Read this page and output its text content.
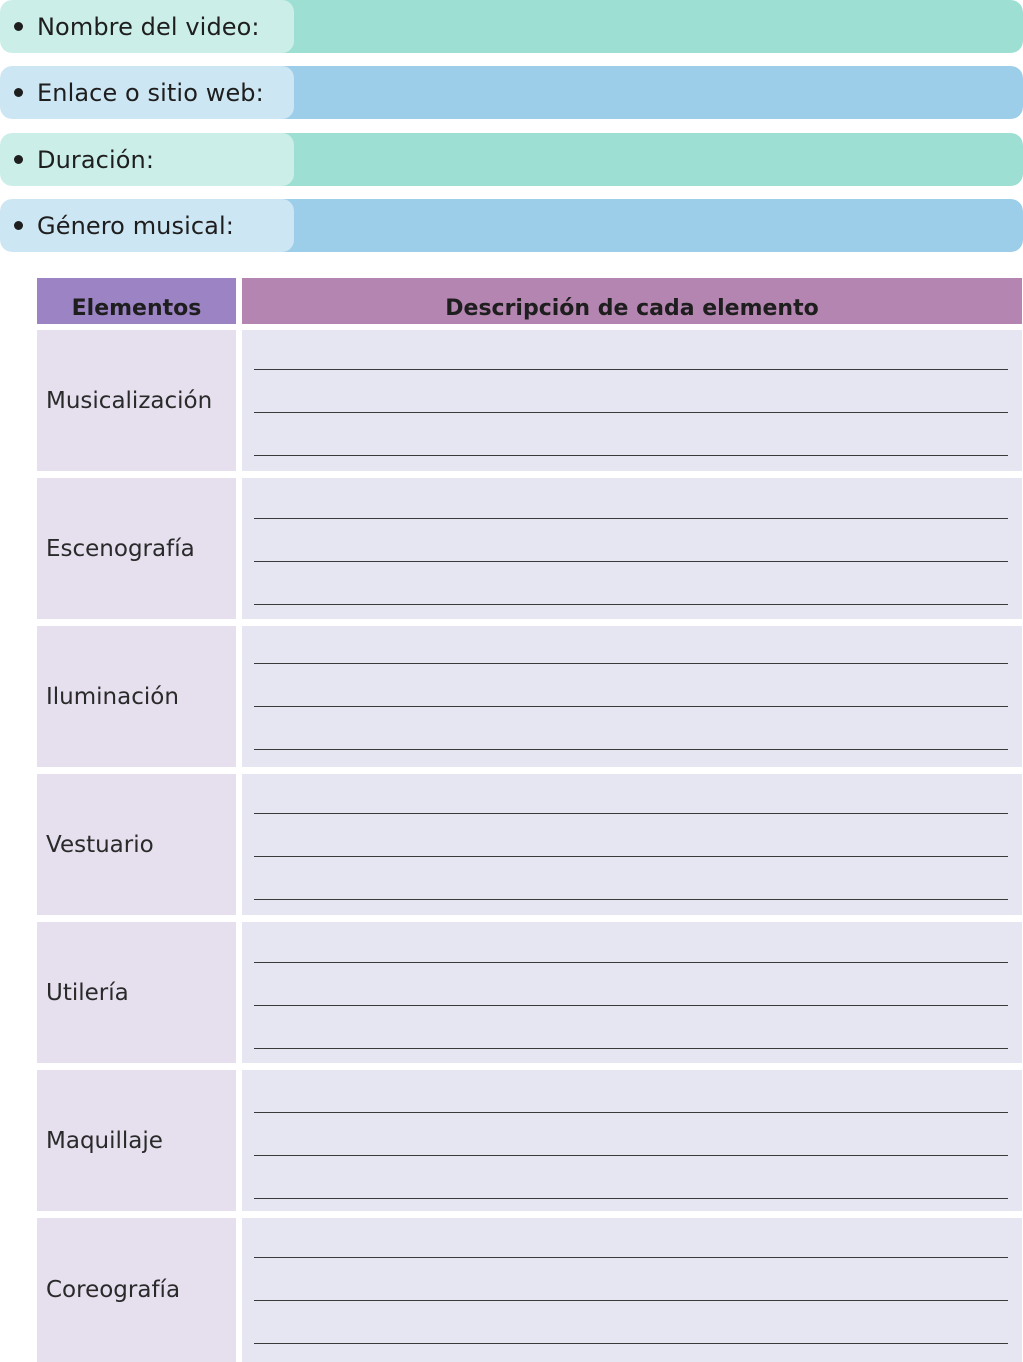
Nombre del video:
Enlace o sitio web:
Duración:
Género musical:
Elementos	Descripción de cada elemento
Musicalización
Escenografía
Iluminación
Vestuario
Utilería
Maquillaje
Coreografía
